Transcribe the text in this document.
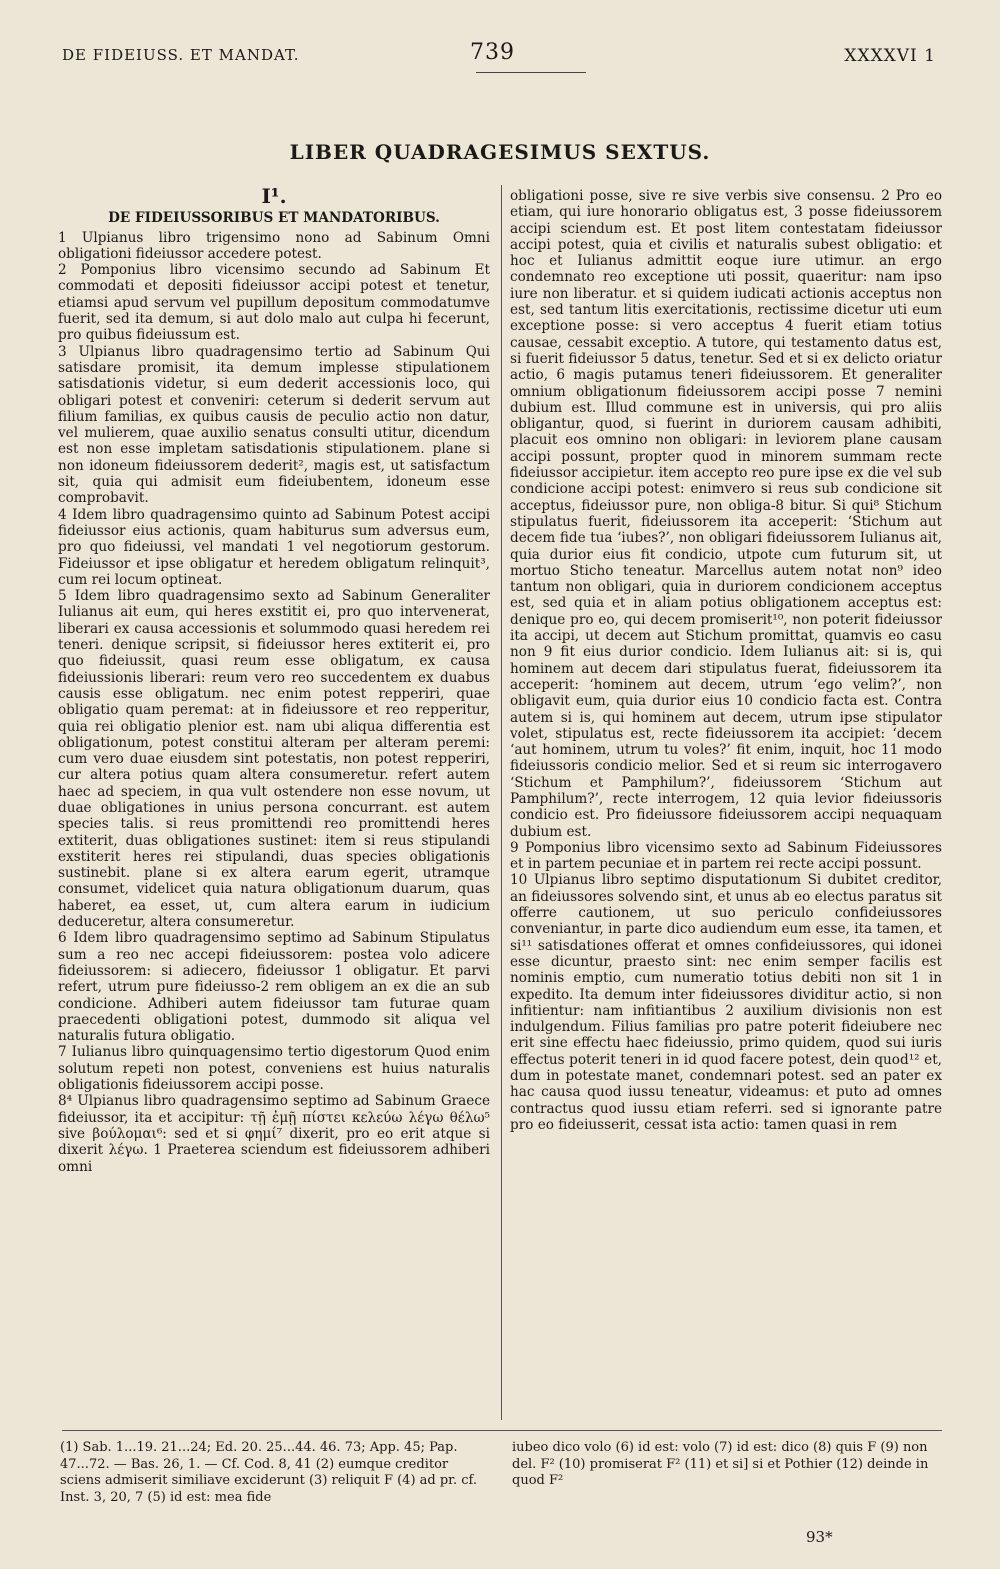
DE FIDEIUSS. ET MANDAT.	739	XXXXVI 1
LIBER QUADRAGESIMUS SEXTUS.
I¹.
DE FIDEIUSSORIBUS ET MANDATORIBUS.

1 Ulpianus libro trigensimo nono ad Sabinum Omni obligationi fideiussor accedere potest.

2 Pomponius libro vicensimo secundo ad Sabinum Et commodati et depositi fideiussor accipi potest et tenetur, etiamsi apud servum vel pupillum depositum commodatumve fuerit, sed ita demum, si aut dolo malo aut culpa hi fecerunt, pro quibus fideiussum est.

3 Ulpianus libro quadragensimo tertio ad Sabinum Qui satisdare promisit, ita demum implesse stipulationem satisdationis videtur, si eum dederit accessionis loco, qui obligari potest et conveniri: ceterum si dederit servum aut filium familias, ex quibus causis de peculio actio non datur, vel mulierem, quae auxilio senatus consulti utitur, dicendum est non esse impletam satisdationis stipulationem. plane si non idoneum fideiussorem dederit², magis est, ut satisfactum sit, quia qui admisit eum fideiubentem, idoneum esse comprobavit.

4 Idem libro quadragensimo quinto ad Sabinum Potest accipi fideiussor eius actionis, quam habiturus sum adversus eum, pro quo fideiussi, vel mandati 1 vel negotiorum gestorum. Fideiussor et ipse obligatur et heredem obligatum relinquit³, cum rei locum optineat.

5 Idem libro quadragensimo sexto ad Sabinum Generaliter Iulianus ait eum, qui heres exstitit ei, pro quo intervenerat, liberari ex causa accessionis et solummodo quasi heredem rei teneri. denique scripsit, si fideiussor heres extiterit ei, pro quo fideiussit, quasi reum esse obligatum, ex causa fideiussionis liberari: reum vero reo succedentem ex duabus causis esse obligatum. nec enim potest repperiri, quae obligatio quam peremat: at in fideiussore et reo repperitur, quia rei obligatio plenior est. nam ubi aliqua differentia est obligationum, potest constitui alteram per alteram peremi: cum vero duae eiusdem sint potestatis, non potest repperiri, cur altera potius quam altera consumeretur. refert autem haec ad speciem, in qua vult ostendere non esse novum, ut duae obligationes in unius persona concurrant. est autem species talis. si reus promittendi reo promittendi heres extiterit, duas obligationes sustinet: item si reus stipulandi exstiterit heres rei stipulandi, duas species obligationis sustinebit. plane si ex altera earum egerit, utramque consumet, videlicet quia natura obligationum duarum, quas haberet, ea esset, ut, cum altera earum in iudicium deduceretur, altera consumeretur.

6 Idem libro quadragensimo septimo ad Sabinum Stipulatus sum a reo nec accepi fideiussorem: postea volo adicere fideiussorem: si adiecero, fideiussor 1 obligatur. Et parvi refert, utrum pure fideiusso-2 rem obligem an ex die an sub condicione. Adhiberi autem fideiussor tam futurae quam praecedenti obligationi potest, dummodo sit aliqua vel naturalis futura obligatio.

7 Iulianus libro quinquagensimo tertio digestorum Quod enim solutum repeti non potest, conveniens est huius naturalis obligationis fideiussorem accipi posse.

8⁴ Ulpianus libro quadragensimo septimo ad Sabinum Graece fideiussor, ita et accipitur: τῇ ἐμῇ πίστει κελεύω λέγω θέλω⁵ sive βούλομαι⁶: sed et si φημί⁷ dixerit, pro eo erit atque si dixerit λέγω. 1 Praeterea sciendum est fideiussorem adhiberi omni

obligationi posse, sive re sive verbis sive consensu. 2 Pro eo etiam, qui iure honorario obligatus est, 3 posse fideiussorem accipi sciendum est. Et post litem contestatam fideiussor accipi potest, quia et civilis et naturalis subest obligatio: et hoc et Iulianus admittit eoque iure utimur. an ergo condemnato reo exceptione uti possit, quaeritur: nam ipso iure non liberatur. et si quidem iudicati actionis acceptus non est, sed tantum litis exercitationis, rectissime dicetur uti eum exceptione posse: si vero acceptus 4 fuerit etiam totius causae, cessabit exceptio. A tutore, qui testamento datus est, si fuerit fideiussor 5 datus, tenetur. Sed et si ex delicto oriatur actio, 6 magis putamus teneri fideiussorem. Et generaliter omnium obligationum fideiussorem accipi posse 7 nemini dubium est. Illud commune est in universis, qui pro aliis obligantur, quod, si fuerint in duriorem causam adhibiti, placuit eos omnino non obligari: in leviorem plane causam accipi possunt, propter quod in minorem summam recte fideiussor accipietur. item accepto reo pure ipse ex die vel sub condicione accipi potest: enimvero si reus sub condicione sit acceptus, fideiussor pure, non obliga-8 bitur. Si qui⁸ Stichum stipulatus fuerit, fideiussorem ita acceperit: ‘Stichum aut decem fide tua ‘iubes?’, non obligari fideiussorem Iulianus ait, quia durior eius fit condicio, utpote cum futurum sit, ut mortuo Sticho teneatur. Marcellus autem notat non⁹ ideo tantum non obligari, quia in duriorem condicionem acceptus est, sed quia et in aliam potius obligationem acceptus est: denique pro eo, qui decem promiserit¹⁰, non poterit fideiussor ita accipi, ut decem aut Stichum promittat, quamvis eo casu non 9 fit eius durior condicio. Idem Iulianus ait: si is, qui hominem aut decem dari stipulatus fuerat, fideiussorem ita acceperit: ‘hominem aut decem, utrum ‘ego velim?’, non obligavit eum, quia durior eius 10 condicio facta est. Contra autem si is, qui hominem aut decem, utrum ipse stipulator volet, stipulatus est, recte fideiussorem ita accipiet: ‘decem ‘aut hominem, utrum tu voles?’ fit enim, inquit, hoc 11 modo fideiussoris condicio melior. Sed et si reum sic interrogavero ‘Stichum et Pamphilum?’, fideiussorem ‘Stichum aut Pamphilum?’, recte interrogem, 12 quia levior fideiussoris condicio est. Pro fideiussore fideiussorem accipi nequaquam dubium est.

9 Pomponius libro vicensimo sexto ad Sabinum Fideiussores et in partem pecuniae et in partem rei recte accipi possunt.

10 Ulpianus libro septimo disputationum Si dubitet creditor, an fideiussores solvendo sint, et unus ab eo electus paratus sit offerre cautionem, ut suo periculo confideiussores conveniantur, in parte dico audiendum eum esse, ita tamen, et si¹¹ satisdationes offerat et omnes confideiussores, qui idonei esse dicuntur, praesto sint: nec enim semper facilis est nominis emptio, cum numeratio totius debiti non sit 1 in expedito. Ita demum inter fideiussores dividitur actio, si non infitientur: nam infitiantibus 2 auxilium divisionis non est indulgendum. Filius familias pro patre poterit fideiubere nec erit sine effectu haec fideiussio, primo quidem, quod sui iuris effectus poterit teneri in id quod facere potest, dein quod¹² et, dum in potestate manet, condemnari potest. sed an pater ex hac causa quod iussu teneatur, videamus: et puto ad omnes contractus quod iussu etiam referri. sed si ignorante patre pro eo fideiusserit, cessat ista actio: tamen quasi in rem

(1) Sab. 1...19. 21...24; Ed. 20. 25...44. 46. 73; App. 45; Pap. 47...72. — Bas. 26, 1. — Cf. Cod. 8, 41 (2) eumque creditor sciens admiserit similiave exciderunt (3) reliquit F (4) ad pr. cf. Inst. 3, 20, 7 (5) id est: mea fide

iubeo dico volo (6) id est: volo (7) id est: dico (8) quis F (9) non del. F² (10) promiserat F² (11) et si] si et Pothier (12) deinde in quod F²

93*
